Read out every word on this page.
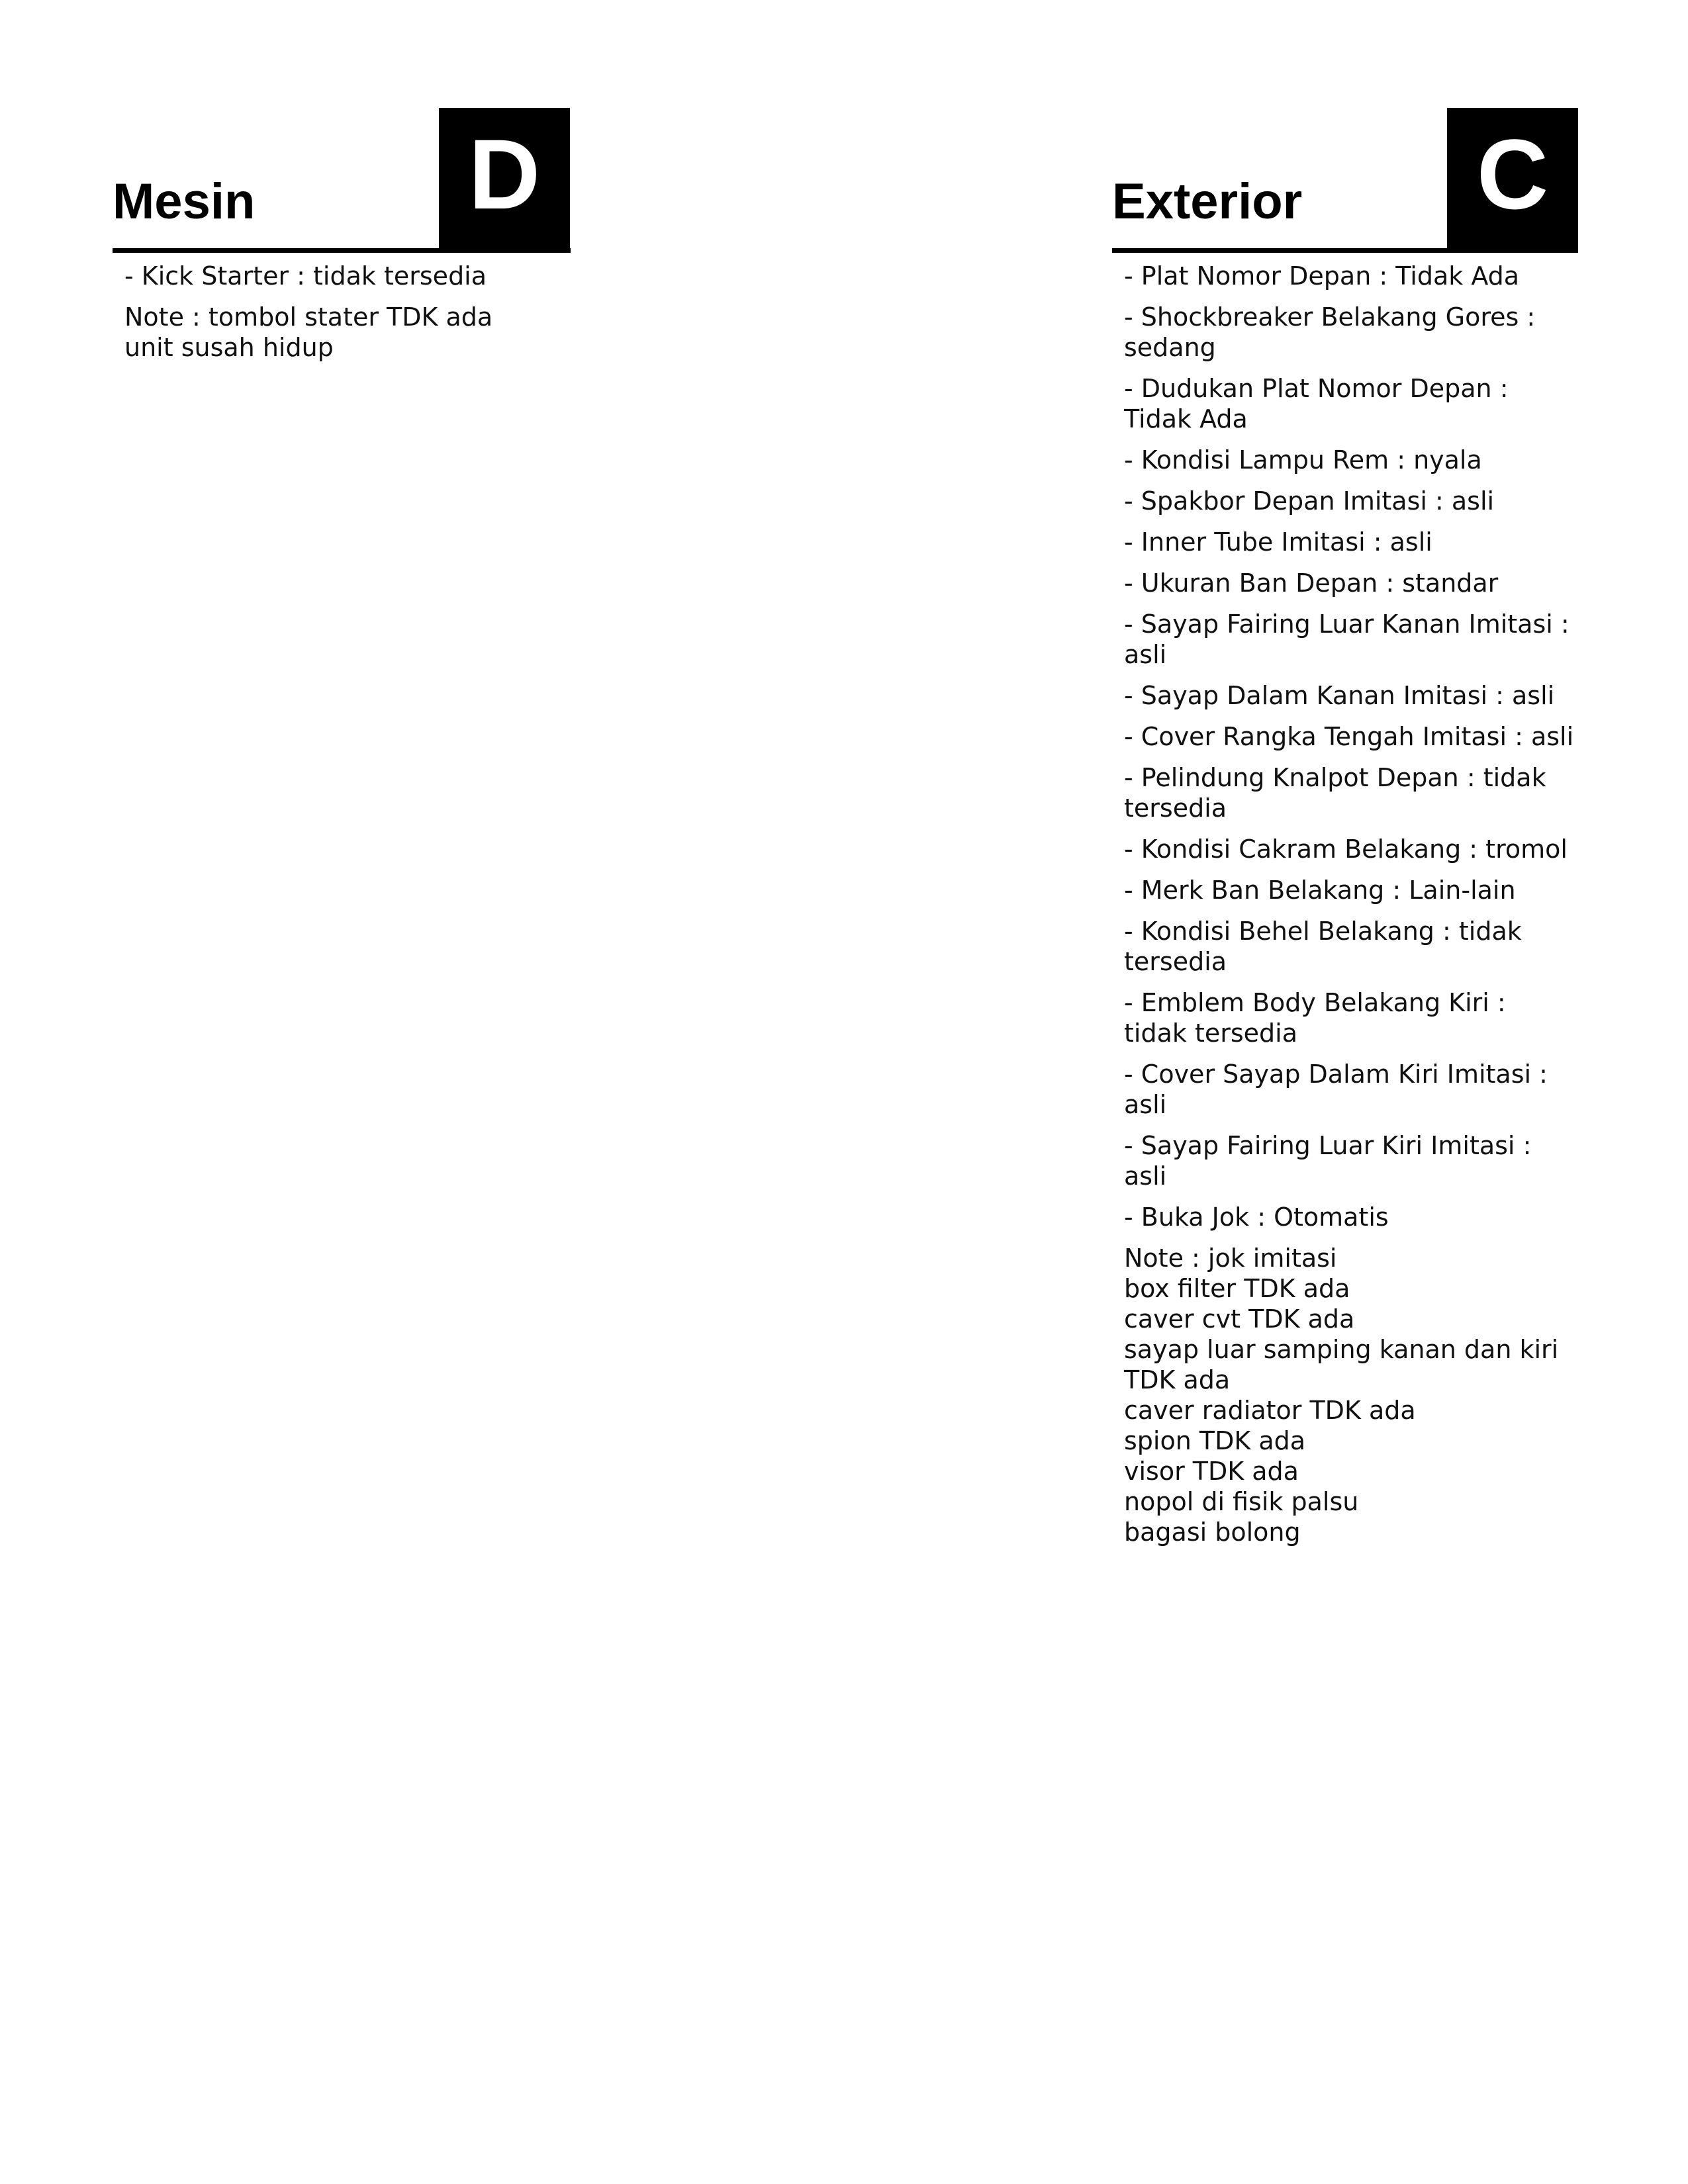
Mesin D
- Kick Starter : tidak tersedia
Note : tombol stater TDK ada
unit susah hidup
Exterior C
- Plat Nomor Depan : Tidak Ada
- Shockbreaker Belakang Gores : sedang
- Dudukan Plat Nomor Depan : Tidak Ada
- Kondisi Lampu Rem : nyala
- Spakbor Depan Imitasi : asli
- Inner Tube Imitasi : asli
- Ukuran Ban Depan : standar
- Sayap Fairing Luar Kanan Imitasi : asli
- Sayap Dalam Kanan Imitasi : asli
- Cover Rangka Tengah Imitasi : asli
- Pelindung Knalpot Depan : tidak tersedia
- Kondisi Cakram Belakang : tromol
- Merk Ban Belakang : Lain-lain
- Kondisi Behel Belakang : tidak tersedia
- Emblem Body Belakang Kiri : tidak tersedia
- Cover Sayap Dalam Kiri Imitasi : asli
- Sayap Fairing Luar Kiri Imitasi : asli
- Buka Jok : Otomatis
Note : jok imitasi
box filter TDK ada
caver cvt TDK ada
sayap luar samping kanan dan kiri TDK ada
caver radiator TDK ada
spion TDK ada
visor TDK ada
nopol di fisik palsu
bagasi bolong
